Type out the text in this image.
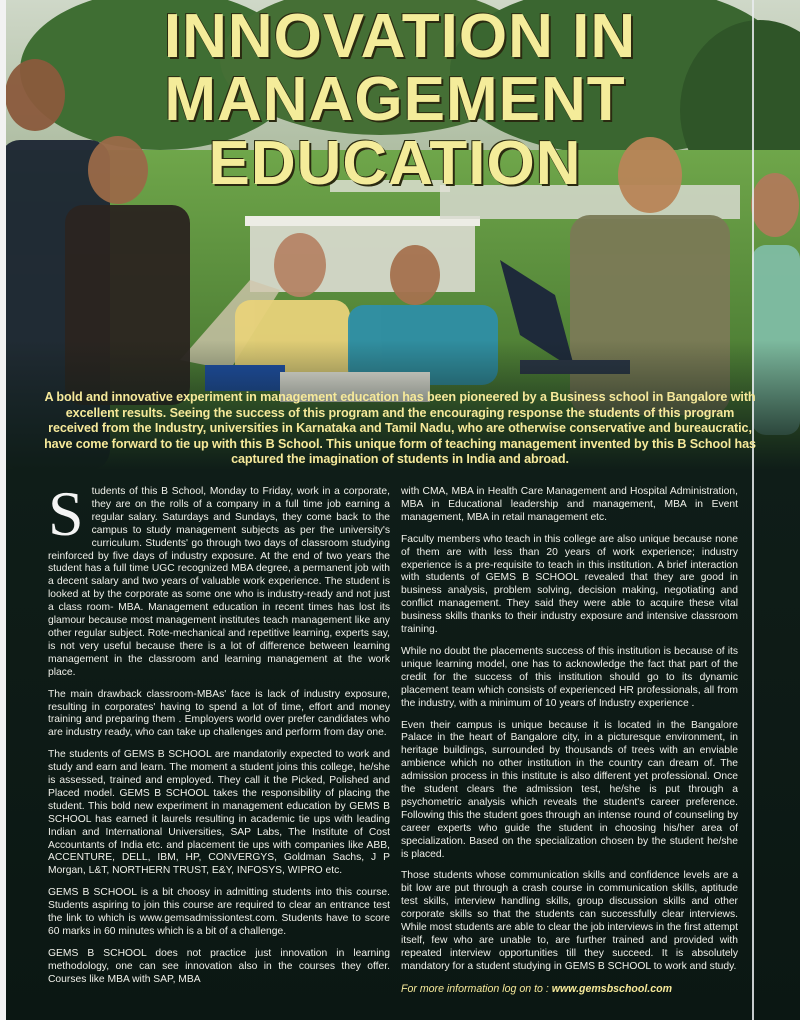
INNOVATION IN
MANAGEMENT EDUCATION

A bold and innovative experiment in management education has been pioneered by a Business school in Bangalore with excellent results. Seeing the success of this program and the encouraging response the students of this program received from the Industry, universities in Karnataka and Tamil Nadu, who are otherwise conservative and bureaucratic, have come forward to tie up with this B School. This unique form of teaching management invented by this B School has captured the imagination of students in India and abroad.

Students of this B School, Monday to Friday, work in a corporate, they are on the rolls of a company in a full time job earning a regular salary. Saturdays and Sundays, they come back to the campus to study management subjects as per the university's curriculum. Students' go through two days of classroom studying reinforced by five days of industry exposure. At the end of two years the student has a full time UGC recognized MBA degree, a permanent job with a decent salary and two years of valuable work experience. The student is looked at by the corporate as some one who is industry-ready and not just a class room- MBA. Management education in recent times has lost its glamour because most management institutes teach management like any other regular subject. Rote-mechanical and repetitive learning, experts say, is not very useful because there is a lot of difference between learning management in the classroom and learning management at the work place.

The main drawback classroom-MBAs' face is lack of industry exposure, resulting in corporates' having to spend a lot of time, effort and money training and preparing them . Employers world over prefer candidates who are industry ready, who can take up challenges and perform from day one.

The students of GEMS B SCHOOL are mandatorily expected to work and study and earn and learn. The moment a student joins this college, he/she is assessed, trained and employed. They call it the Picked, Polished and Placed model. GEMS B SCHOOL takes the responsibility of placing the student. This bold new experiment in management education by GEMS B SCHOOL has earned it laurels resulting in academic tie ups with leading Indian and International Universities, SAP Labs, The Institute of Cost Accountants of India etc. and placement tie ups with companies like ABB, ACCENTURE, DELL, IBM, HP, CONVERGYS, Goldman Sachs, J P Morgan, L&T, NORTHERN TRUST, E&Y, INFOSYS, WIPRO etc.

GEMS B SCHOOL is a bit choosy in admitting students into this course. Students aspiring to join this course are required to clear an entrance test the link to which is www.gemsadmissiontest.com. Students have to score 60 marks in 60 minutes which is a bit of a challenge.

GEMS B SCHOOL does not practice just innovation in learning methodology, one can see innovation also in the courses they offer. Courses like MBA with SAP, MBA

with CMA, MBA in Health Care Management and Hospital Administration, MBA in Educational leadership and management, MBA in Event management, MBA in retail management etc.

Faculty members who teach in this college are also unique because none of them are with less than 20 years of work experience; industry experience is a pre-requisite to teach in this institution. A brief interaction with students of GEMS B SCHOOL revealed that they are good in business analysis, problem solving, decision making, negotiating and conflict management. They said they were able to acquire these vital business skills thanks to their industry exposure and intensive classroom training.

While no doubt the placements success of this institution is because of its unique learning model, one has to acknowledge the fact that part of the credit for the success of this institution should go to its dynamic placement team which consists of experienced HR professionals, all from the industry, with a minimum of 10 years of Industry experience .

Even their campus is unique because it is located in the Bangalore Palace in the heart of Bangalore city, in a picturesque environment, in heritage buildings, surrounded by thousands of trees with an enviable ambience which no other institution in the country can dream of. The admission process in this institute is also different yet professional. Once the student clears the admission test, he/she is put through a psychometric analysis which reveals the student's career preference. Following this the student goes through an intense round of counseling by career experts who guide the student in choosing his/her area of specialization. Based on the specialization chosen by the student he/she is placed.

Those students whose communication skills and confidence levels are a bit low are put through a crash course in communication skills, aptitude test skills, interview handling skills, group discussion skills and other corporate skills so that the students can successfully clear interviews. While most students are able to clear the job interviews in the first attempt itself, few who are unable to, are further trained and provided with repeated interview opportunities till they succeed. It is absolutely mandatory for a student studying in GEMS B SCHOOL to work and study.

For more information log on to : www.gemsbschool.com
